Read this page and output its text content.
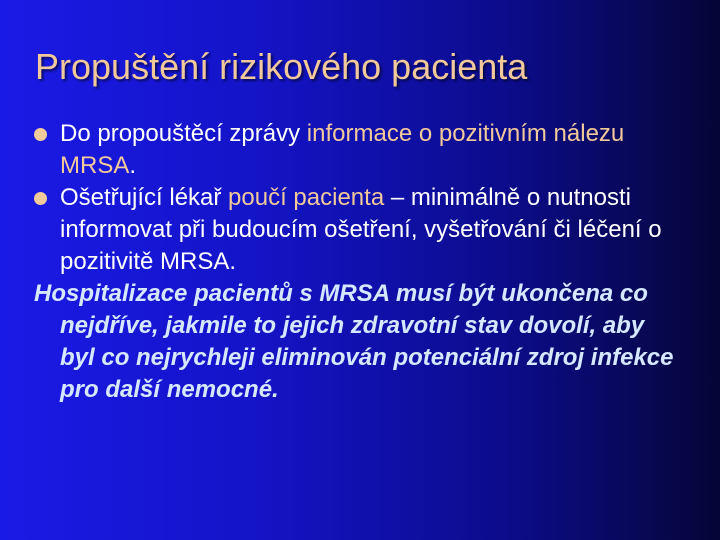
Propuštění rizikového pacienta

Do propouštěcí zprávy informace o pozitivním nálezu MRSA.

Ošetřující lékař poučí pacienta – minimálně o nutnosti informovat při budoucím ošetření, vyšetřování či léčení o pozitivitě MRSA.

Hospitalizace pacientů s MRSA musí být ukončena co nejdříve, jakmile to jejich zdravotní stav dovolí, aby byl co nejrychleji eliminován potenciální zdroj infekce pro další nemocné.
